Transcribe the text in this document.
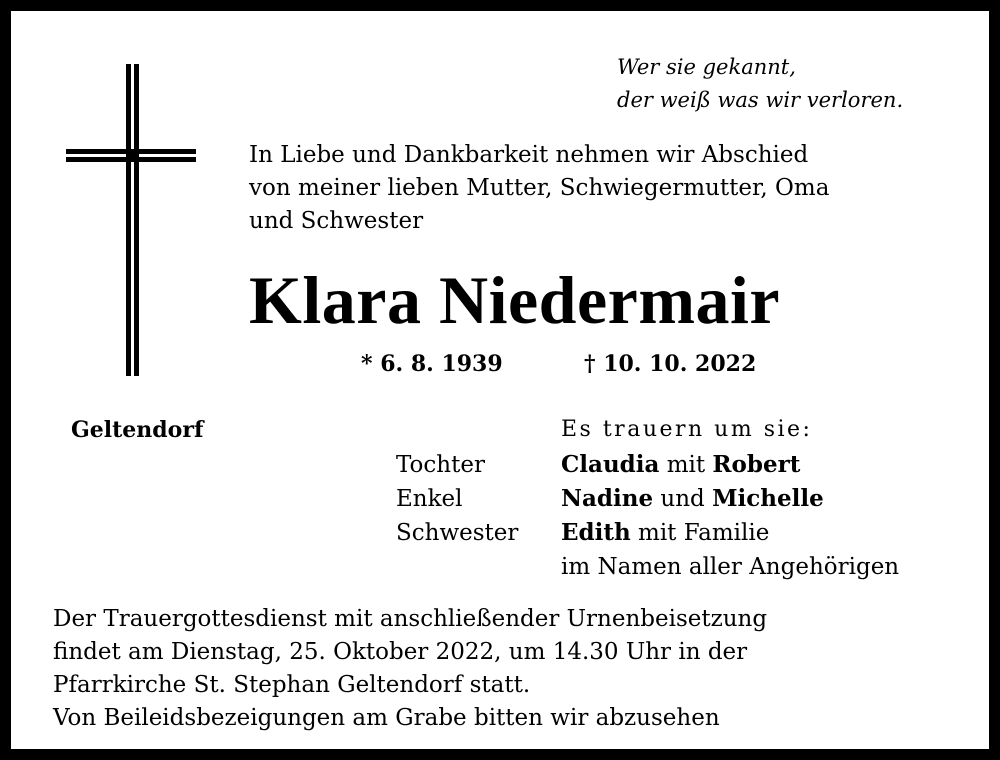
Wer sie gekannt,
der weiß was wir verloren.
In Liebe und Dankbarkeit nehmen wir Abschied
von meiner lieben Mutter, Schwiegermutter, Oma
und Schwester
Klara Niedermair
* 6. 8. 1939	† 10. 10. 2022
Geltendorf	Es trauern um sie:
Tochter	Claudia mit Robert
Enkel	Nadine und Michelle
Schwester Edith mit Familie
im Namen aller Angehörigen
Der Trauergottesdienst mit anschließender Urnenbeisetzung
findet am Dienstag, 25. Oktober 2022, um 14.30 Uhr in der
Pfarrkirche St. Stephan Geltendorf statt.
Von Beileidsbezeigungen am Grabe bitten wir abzusehen
